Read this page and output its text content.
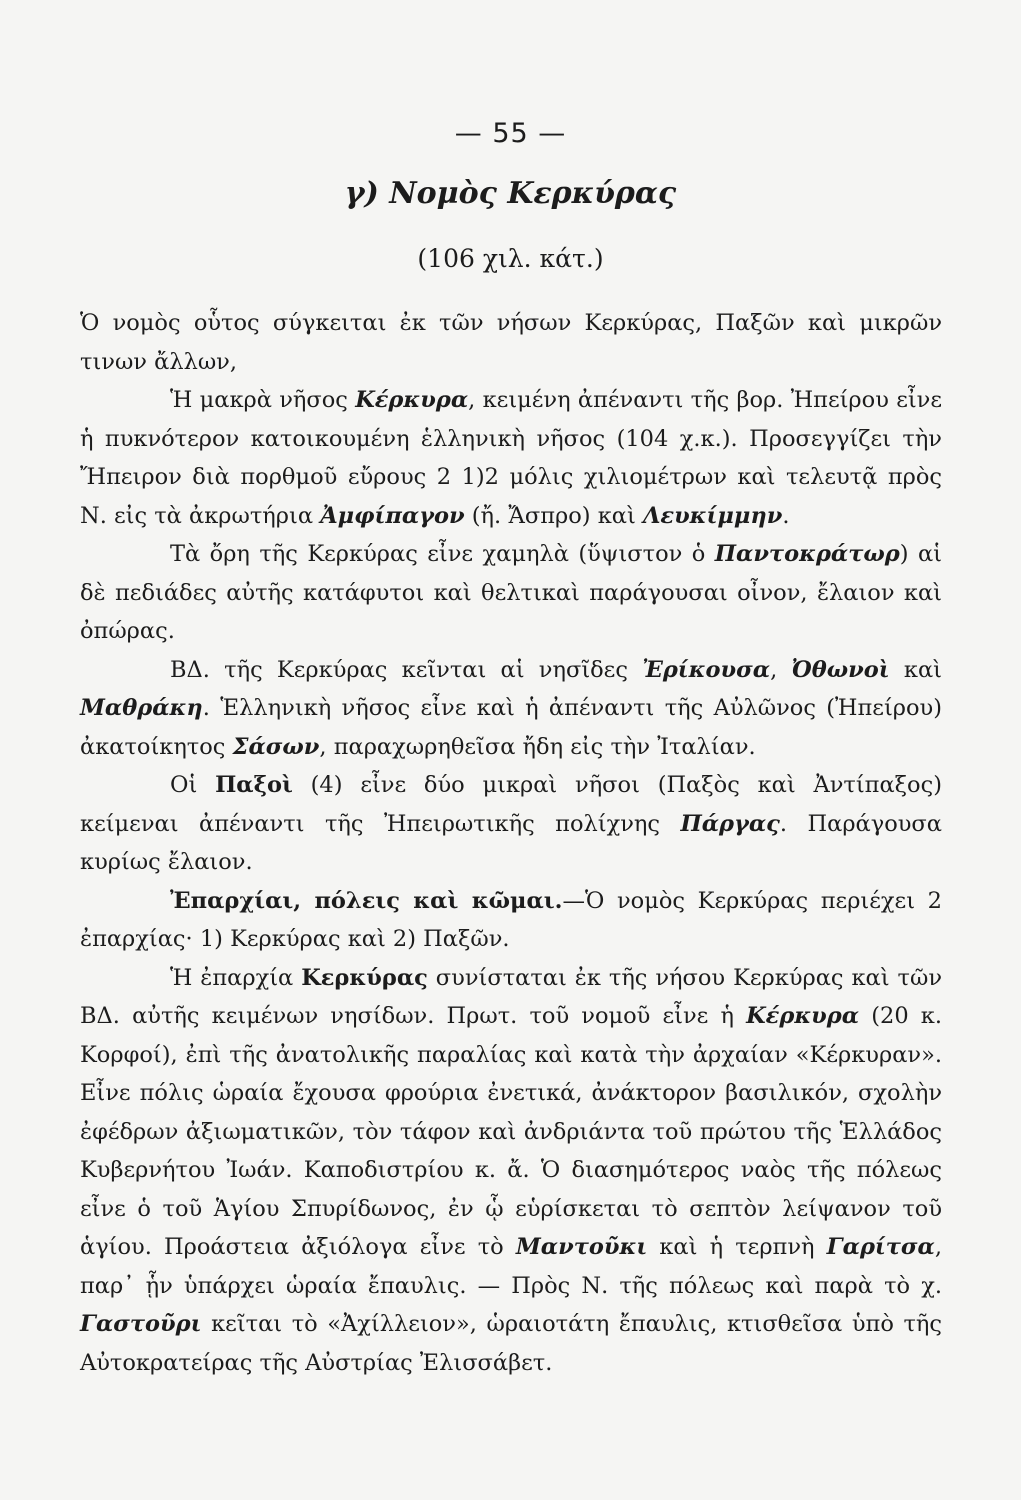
— 55 —
γ) Νομὸς Κερκύρας
(106 χιλ. κάτ.)

Ὁ νομὸς οὗτος σύγκειται ἐκ τῶν νήσων Κερκύρας, Παξῶν καὶ μικρῶν τινων ἄλλων,

Ἡ μακρὰ νῆσος Κέρκυρα, κειμένη ἀπέναντι τῆς βορ. Ἠπείρου εἶνε ἡ πυκνότερον κατοικουμένη ἑλληνικὴ νῆσος (104 χ.κ.). Προσεγγίζει τὴν Ἤπειρον διὰ πορθμοῦ εὔρους 2 1)2 μόλις χιλιομέτρων καὶ τελευτᾷ πρὸς Ν. εἰς τὰ ἀκρωτήρια Ἀμφίπαγον (ἤ. Ἄσπρο) καὶ Λευκίμμην.

Τὰ ὄρη τῆς Κερκύρας εἶνε χαμηλὰ (ὕψιστον ὁ Παντοκράτωρ) αἱ δὲ πεδιάδες αὐτῆς κατάφυτοι καὶ θελτικαὶ παράγουσαι οἶνον, ἔλαιον καὶ ὀπώρας.

ΒΔ. τῆς Κερκύρας κεῖνται αἱ νησῖδες Ἐρίκουσα, Ὀθωνοὶ καὶ Μαθράκη. Ἑλληνικὴ νῆσος εἶνε καὶ ἡ ἀπέναντι τῆς Αὐλῶνος (Ἠπείρου) ἀκατοίκητος Σάσων, παραχωρηθεῖσα ἤδη εἰς τὴν Ἰταλίαν.

Οἱ Παξοὶ (4) εἶνε δύο μικραὶ νῆσοι (Παξὸς καὶ Ἀντίπαξος) κείμεναι ἀπέναντι τῆς Ἠπειρωτικῆς πολίχνης Πάργας. Παράγουσα κυρίως ἔλαιον.

Ἐπαρχίαι, πόλεις καὶ κῶμαι.—Ὁ νομὸς Κερκύρας περιέχει 2 ἐπαρχίας· 1) Κερκύρας καὶ 2) Παξῶν.

Ἡ ἐπαρχία Κερκύρας συνίσταται ἐκ τῆς νήσου Κερκύρας καὶ τῶν ΒΔ. αὐτῆς κειμένων νησίδων. Πρωτ. τοῦ νομοῦ εἶνε ἡ Κέρκυρα (20 κ. Κορφοί), ἐπὶ τῆς ἀνατολικῆς παραλίας καὶ κατὰ τὴν ἀρχαίαν «Κέρκυραν». Εἶνε πόλις ὡραία ἔχουσα φρούρια ἐνετικά, ἀνάκτορον βασιλικόν, σχολὴν ἐφέδρων ἀξιωματικῶν, τὸν τάφον καὶ ἀνδριάντα τοῦ πρώτου τῆς Ἑλλάδος Κυβερνήτου Ἰωάν. Καποδιστρίου κ. ἄ. Ὁ διασημότερος ναὸς τῆς πόλεως εἶνε ὁ τοῦ Ἁγίου Σπυρίδωνος, ἐν ᾧ εὑρίσκεται τὸ σεπτὸν λείψανον τοῦ ἁγίου. Προάστεια ἀξιόλογα εἶνε τὸ Μαντοῦκι καὶ ἡ τερπνὴ Γαρίτσα, παρ᾽ ᾗν ὑπάρχει ὡραία ἔπαυλις. — Πρὸς Ν. τῆς πόλεως καὶ παρὰ τὸ χ. Γαστοῦρι κεῖται τὸ «Ἀχίλλειον», ὡραιοτάτη ἔπαυλις, κτισθεῖσα ὑπὸ τῆς Αὐτοκρατείρας τῆς Αὐστρίας Ἐλισσάβετ.
